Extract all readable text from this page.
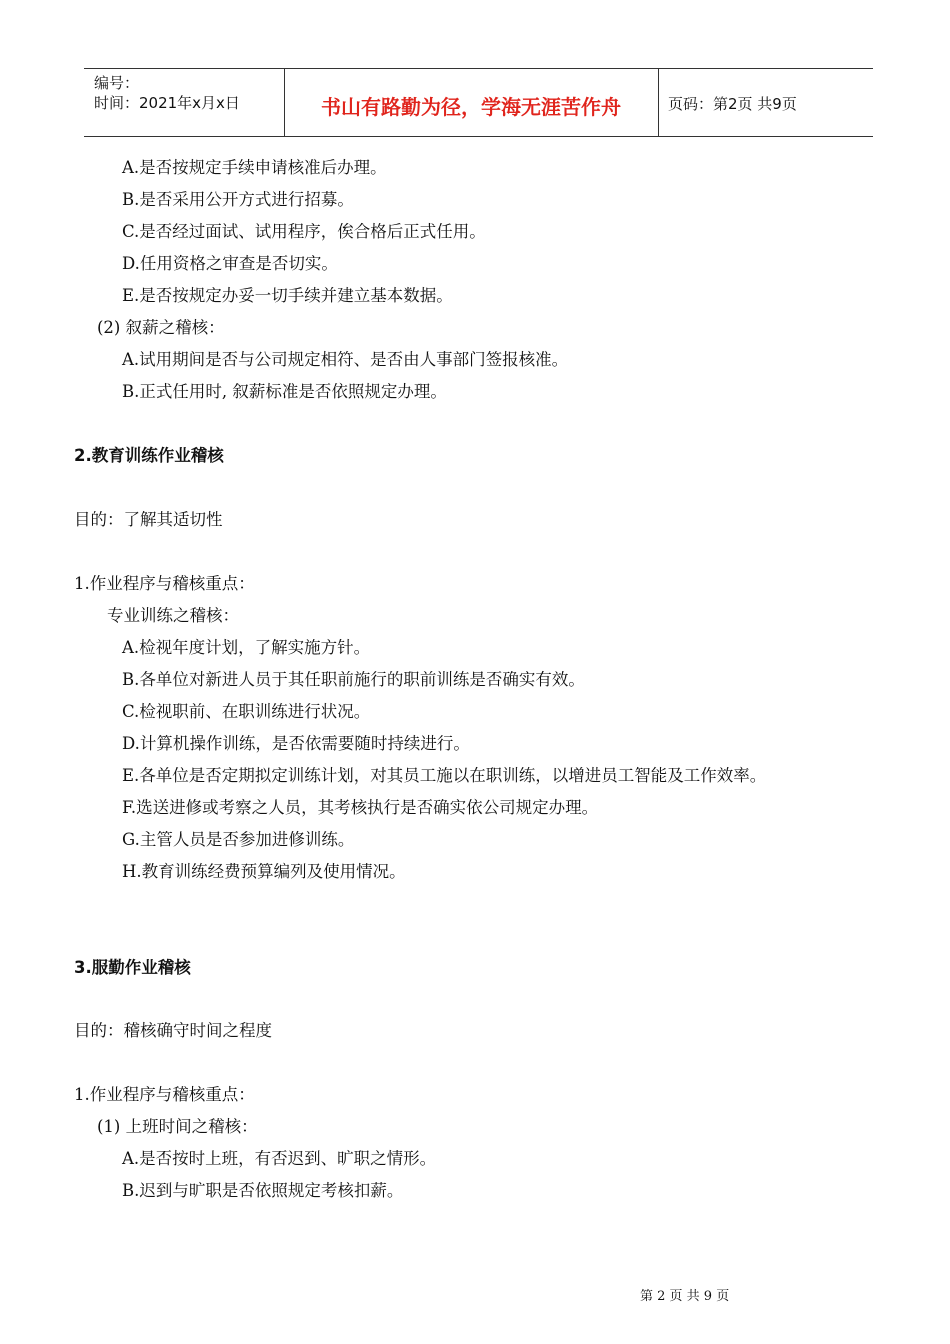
编号：
时间：2021年x月x日	书山有路勤为径，学海无涯苦作舟	页码：第2页 共9页
A.是否按规定手续申请核准后办理。
B.是否采用公开方式进行招募。
C.是否经过面试、试用程序，俟合格后正式任用。
D.任用资格之审查是否切实。
E.是否按规定办妥一切手续并建立基本数据。
(2) 叙薪之稽核：
A.试用期间是否与公司规定相符、是否由人事部门签报核准。
B.正式任用时, 叙薪标准是否依照规定办理。
2.教育训练作业稽核
目的：了解其适切性
1.作业程序与稽核重点：
专业训练之稽核：
A.检视年度计划，了解实施方针。
B.各单位对新进人员于其任职前施行的职前训练是否确实有效。
C.检视职前、在职训练进行状况。
D.计算机操作训练，是否依需要随时持续进行。
E.各单位是否定期拟定训练计划，对其员工施以在职训练，以增进员工智能及工作效率。
F.选送进修或考察之人员，其考核执行是否确实依公司规定办理。
G.主管人员是否参加进修训练。
H.教育训练经费预算编列及使用情况。
3.服勤作业稽核
目的：稽核确守时间之程度
1.作业程序与稽核重点：
(1) 上班时间之稽核：
A.是否按时上班，有否迟到、旷职之情形。
B.迟到与旷职是否依照规定考核扣薪。
第 2 页 共 9 页
